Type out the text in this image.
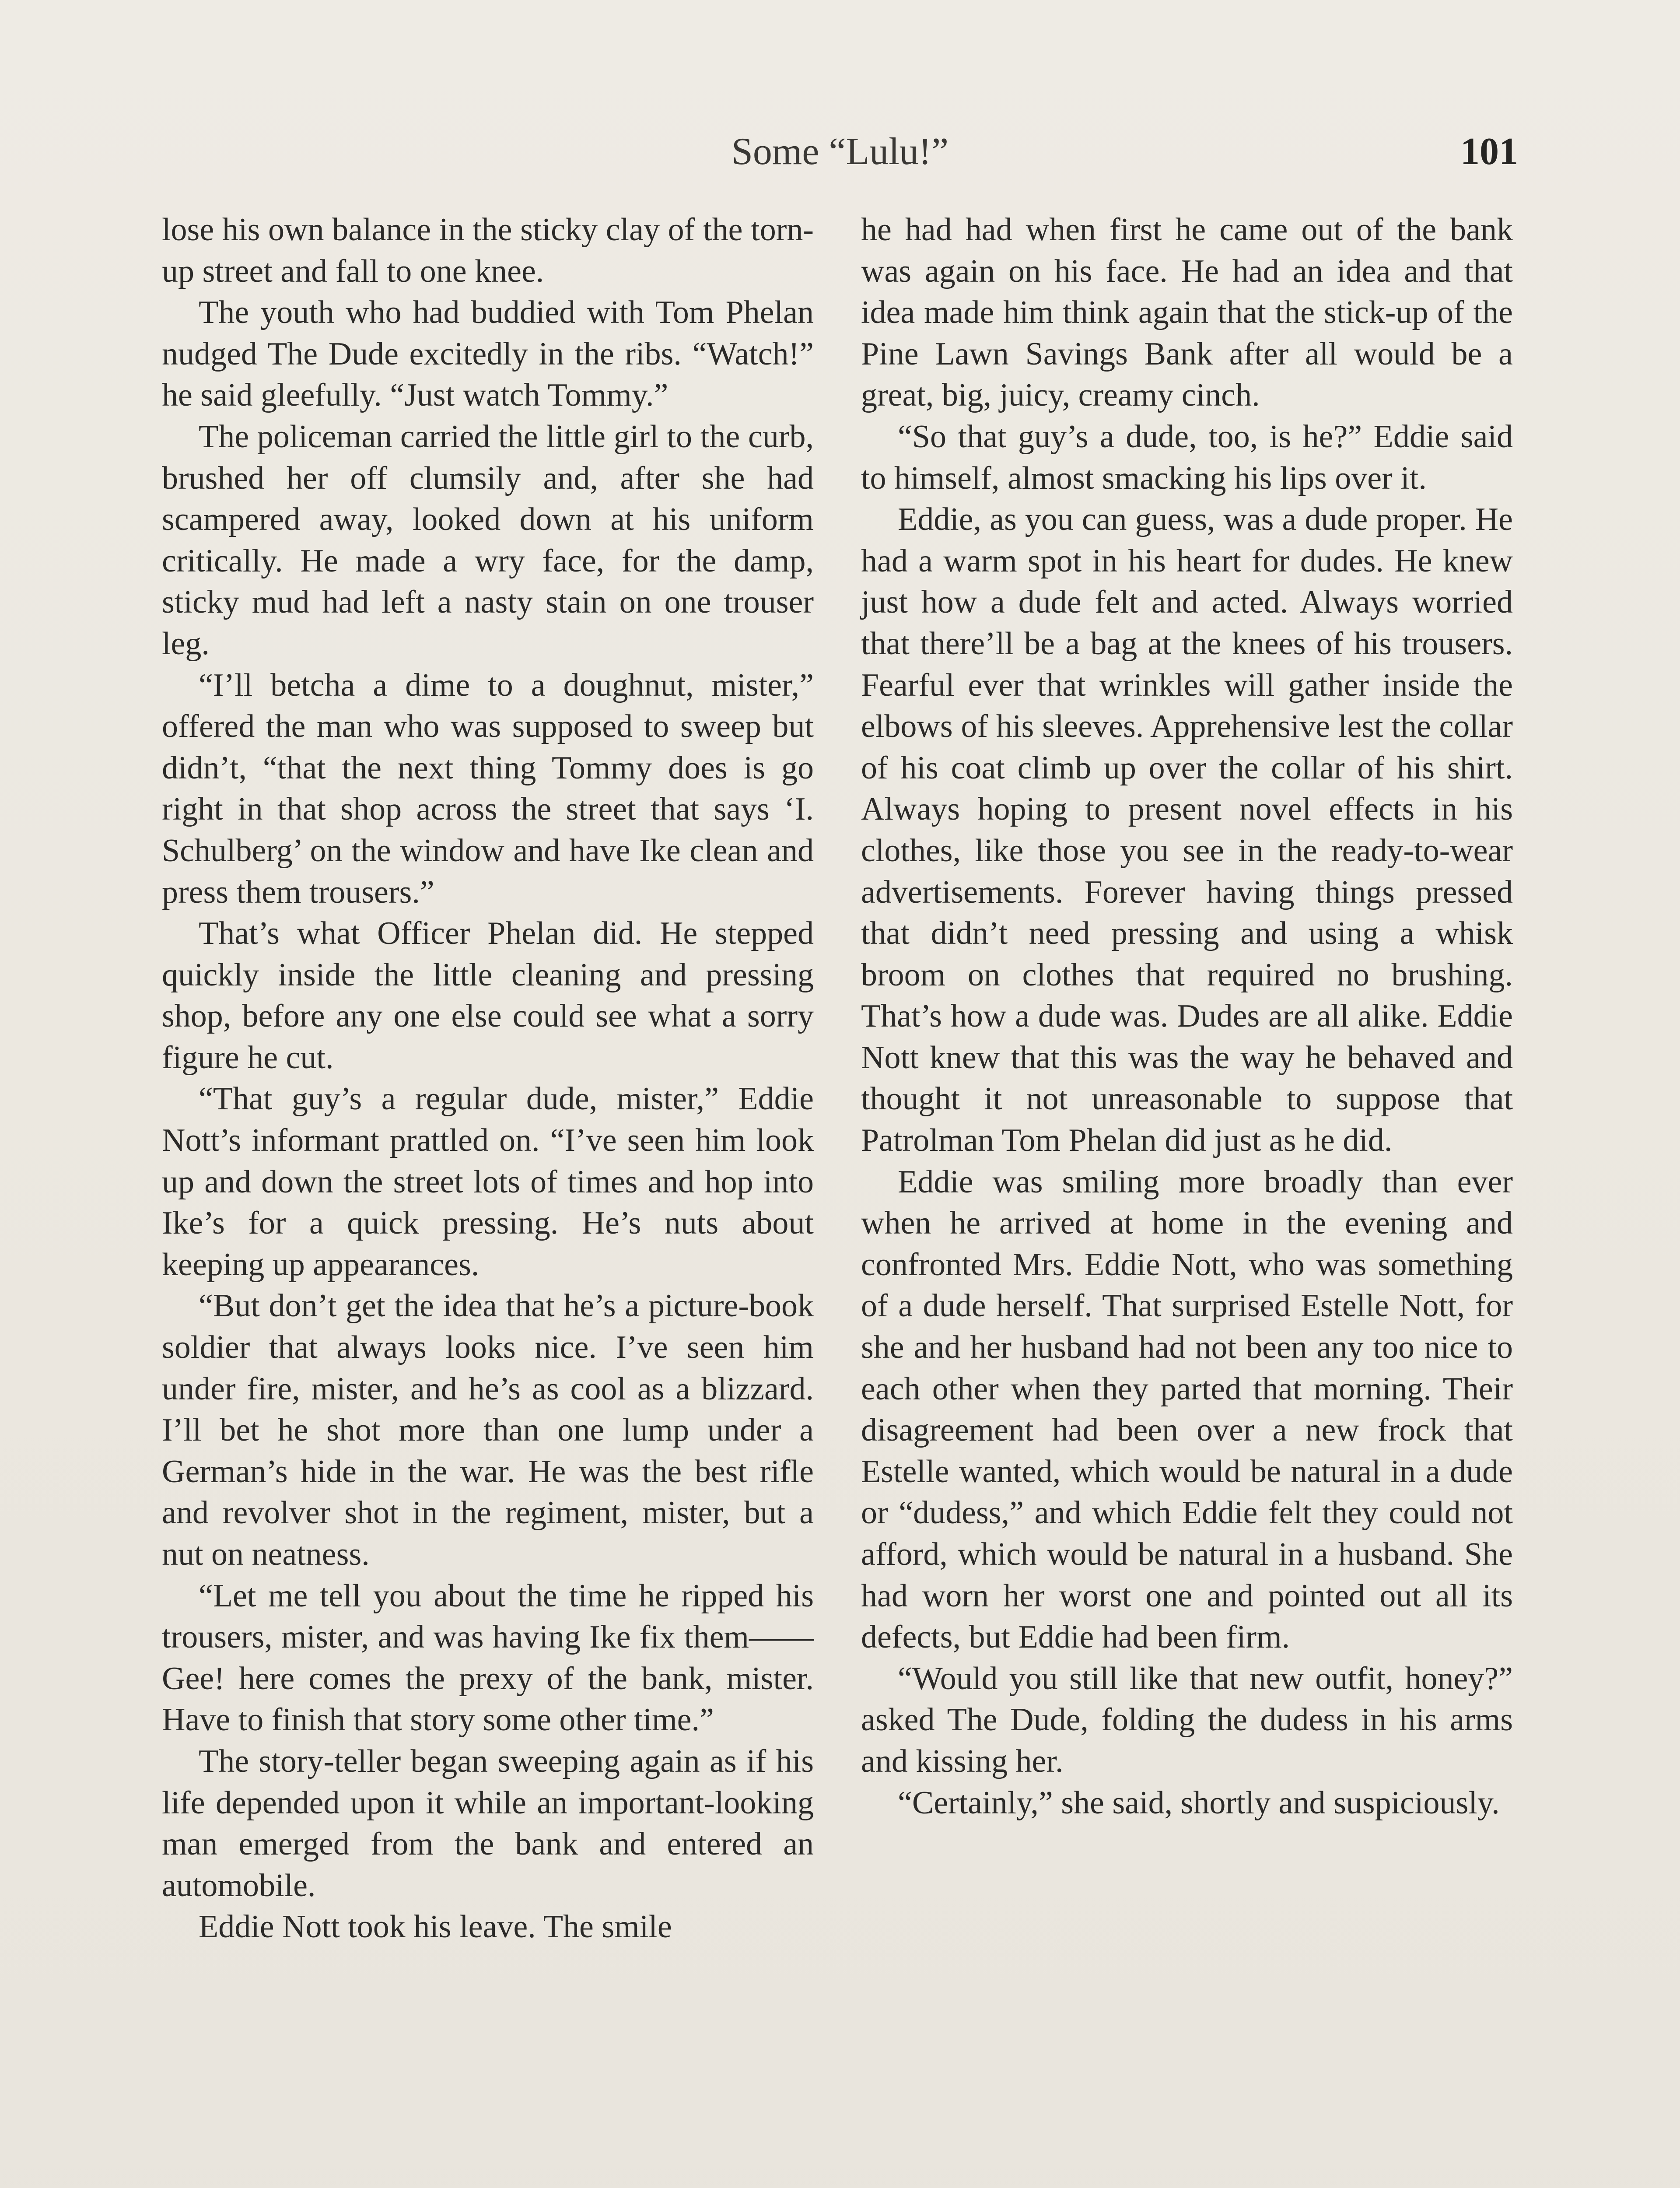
Some “Lulu!”	101

lose his own balance in the sticky clay of the torn-up street and fall to one knee.

The youth who had buddied with Tom Phelan nudged The Dude excitedly in the ribs. “Watch!” he said gleefully. “Just watch Tommy.”

The policeman carried the little girl to the curb, brushed her off clumsily and, after she had scampered away, looked down at his uniform critically. He made a wry face, for the damp, sticky mud had left a nasty stain on one trouser leg.

“I’ll betcha a dime to a doughnut, mister,” offered the man who was supposed to sweep but didn’t, “that the next thing Tommy does is go right in that shop across the street that says ‘I. Schulberg’ on the window and have Ike clean and press them trousers.”

That’s what Officer Phelan did. He stepped quickly inside the little cleaning and pressing shop, before any one else could see what a sorry figure he cut.

“That guy’s a regular dude, mister,” Eddie Nott’s informant prattled on. “I’ve seen him look up and down the street lots of times and hop into Ike’s for a quick pressing. He’s nuts about keeping up appearances.

“But don’t get the idea that he’s a picture-book soldier that always looks nice. I’ve seen him under fire, mister, and he’s as cool as a blizzard. I’ll bet he shot more than one lump under a German’s hide in the war. He was the best rifle and revolver shot in the regiment, mister, but a nut on neatness.

“Let me tell you about the time he ripped his trousers, mister, and was having Ike fix them—— Gee! here comes the prexy of the bank, mister. Have to finish that story some other time.”

The story-teller began sweeping again as if his life depended upon it while an important-looking man emerged from the bank and entered an automobile.

Eddie Nott took his leave. The smile

he had had when first he came out of the bank was again on his face. He had an idea and that idea made him think again that the stick-up of the Pine Lawn Savings Bank after all would be a great, big, juicy, creamy cinch.

“So that guy’s a dude, too, is he?” Eddie said to himself, almost smacking his lips over it.

Eddie, as you can guess, was a dude proper. He had a warm spot in his heart for dudes. He knew just how a dude felt and acted. Always worried that there’ll be a bag at the knees of his trousers. Fearful ever that wrinkles will gather inside the elbows of his sleeves. Apprehensive lest the collar of his coat climb up over the collar of his shirt. Always hoping to present novel effects in his clothes, like those you see in the ready-to-wear advertisements. Forever having things pressed that didn’t need pressing and using a whisk broom on clothes that required no brushing. That’s how a dude was. Dudes are all alike. Eddie Nott knew that this was the way he behaved and thought it not unreasonable to suppose that Patrolman Tom Phelan did just as he did.

Eddie was smiling more broadly than ever when he arrived at home in the evening and confronted Mrs. Eddie Nott, who was something of a dude herself. That surprised Estelle Nott, for she and her husband had not been any too nice to each other when they parted that morning. Their disagreement had been over a new frock that Estelle wanted, which would be natural in a dude or “dudess,” and which Eddie felt they could not afford, which would be natural in a husband. She had worn her worst one and pointed out all its defects, but Eddie had been firm.

“Would you still like that new outfit, honey?” asked The Dude, folding the dudess in his arms and kissing her.

“Certainly,” she said, shortly and suspiciously.
